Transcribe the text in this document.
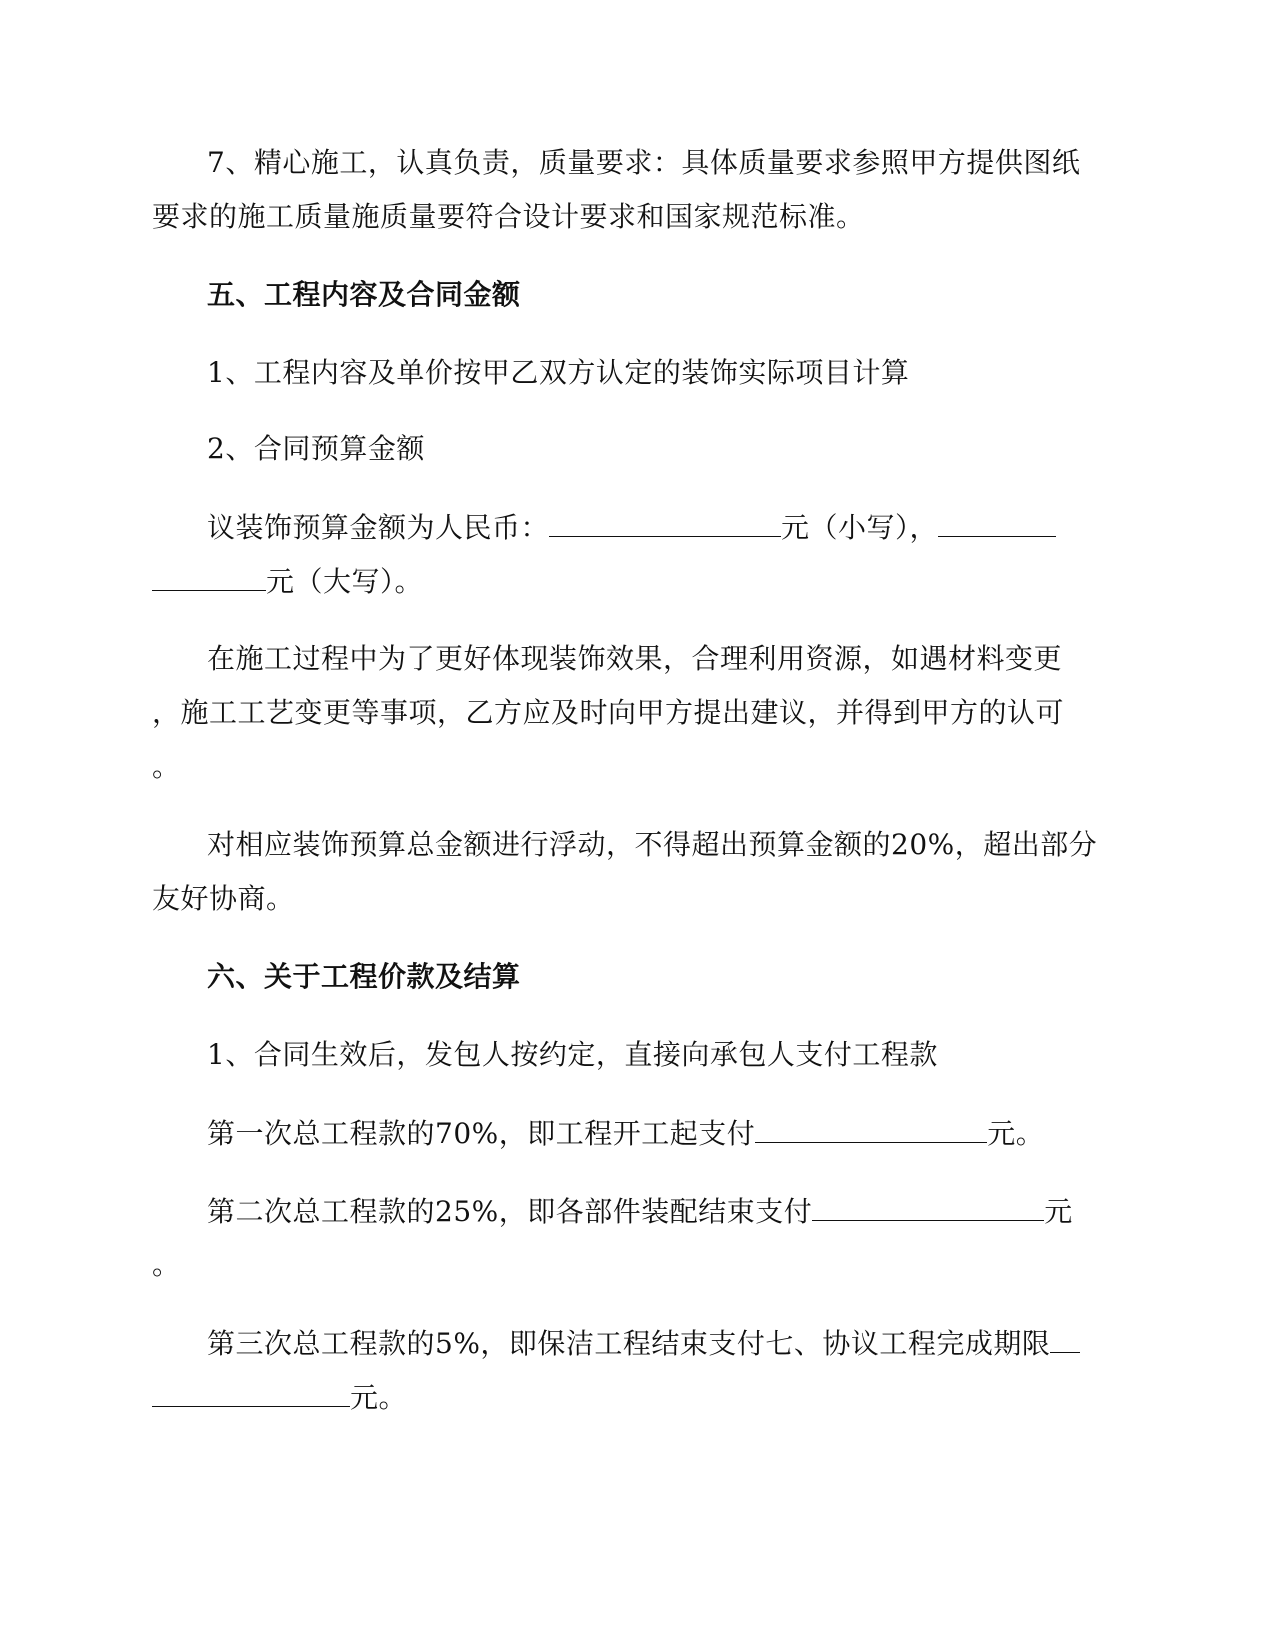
7、精心施工，认真负责，质量要求：具体质量要求参照甲方提供图纸
要求的施工质量施质量要符合设计要求和国家规范标准。
五、工程内容及合同金额
1、工程内容及单价按甲乙双方认定的装饰实际项目计算
2、合同预算金额
议装饰预算金额为人民币：	元（小写），
元（大写）。
在施工过程中为了更好体现装饰效果，合理利用资源，如遇材料变更
，施工工艺变更等事项，乙方应及时向甲方提出建议，并得到甲方的认可
。
对相应装饰预算总金额进行浮动，不得超出预算金额的20%，超出部分
友好协商。
六、关于工程价款及结算
1、合同生效后，发包人按约定，直接向承包人支付工程款
第一次总工程款的70%，即工程开工起支付	元。
第二次总工程款的25%，即各部件装配结束支付	元
。
第三次总工程款的5%，即保洁工程结束支付七、协议工程完成期限
元。
